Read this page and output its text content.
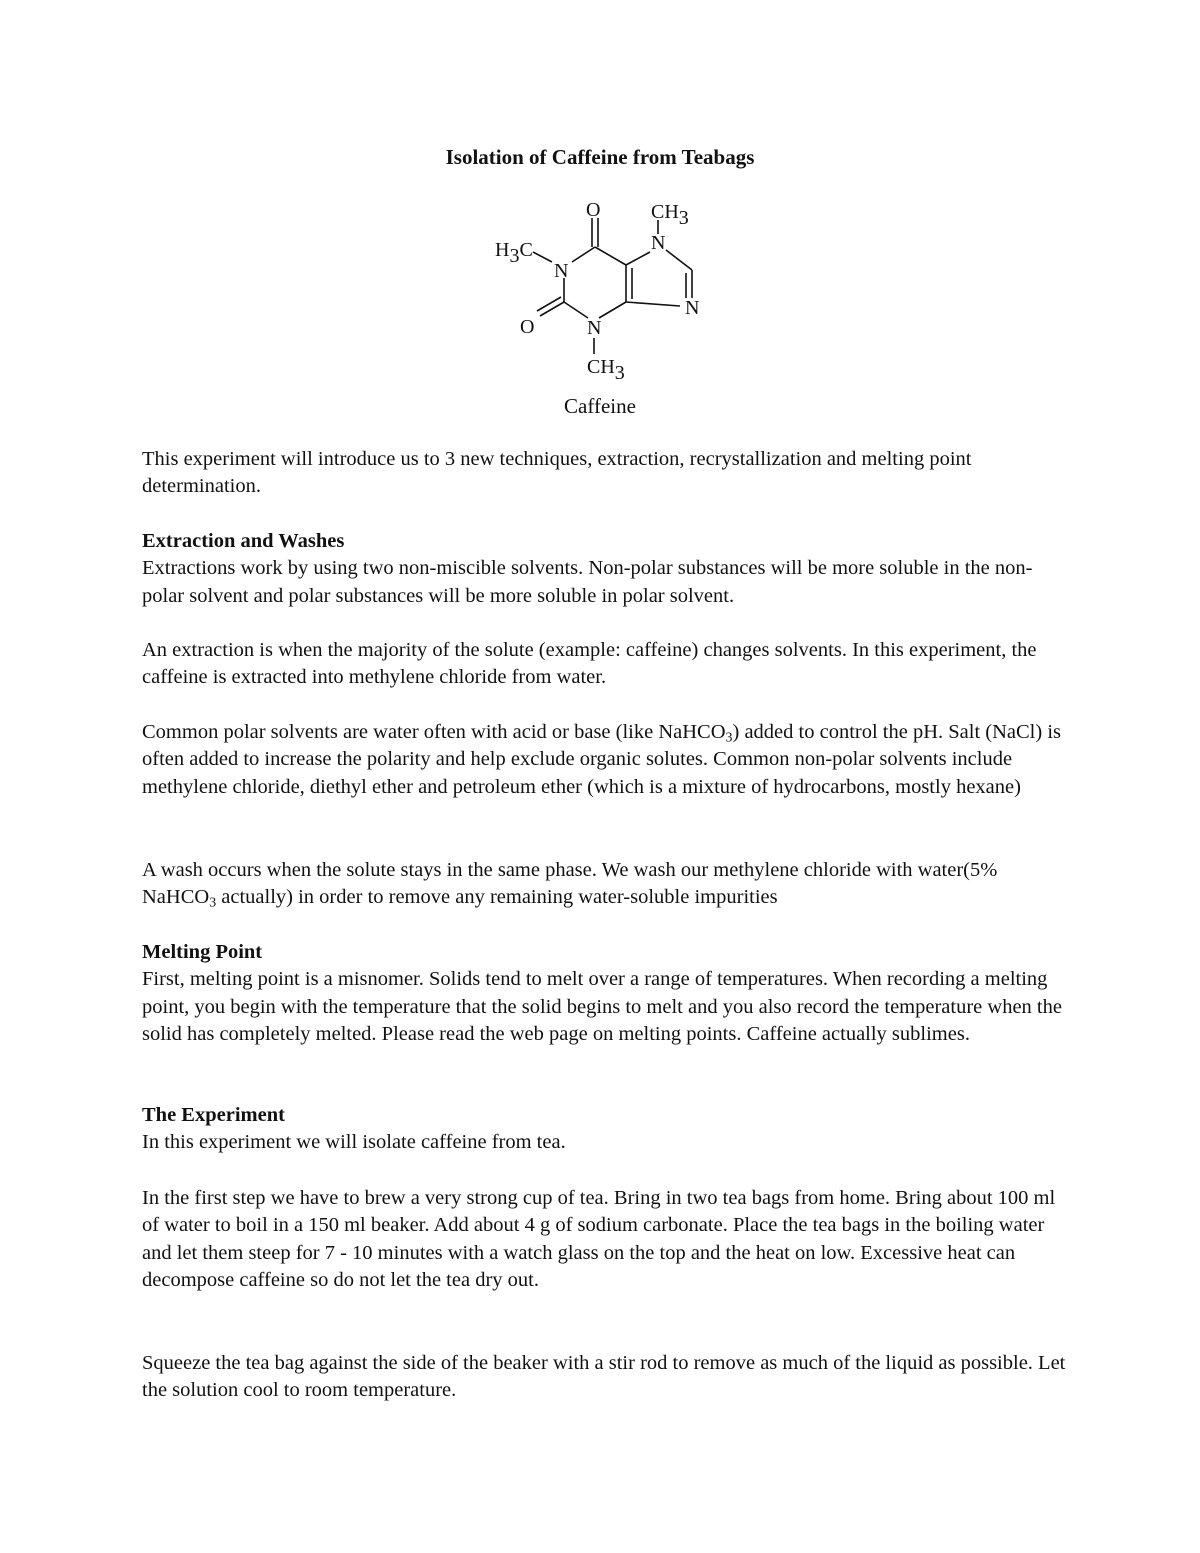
Isolation of Caffeine from Teabags
O	CH3
H3C
N
N
N
O	N
CH3
Caffeine

This experiment will introduce us to 3 new techniques, extraction, recrystallization and melting point determination.

Extraction and Washes

Extractions work by using two non-miscible solvents. Non-polar substances will be more soluble in the non-polar solvent and polar substances will be more soluble in polar solvent.

An extraction is when the majority of the solute (example: caffeine) changes solvents. In this experiment, the caffeine is extracted into methylene chloride from water.

Common polar solvents are water often with acid or base (like NaHCO$_3$) added to control the pH. Salt (NaCl) is often added to increase the polarity and help exclude organic solutes. Common non-polar solvents include methylene chloride, diethyl ether and petroleum ether (which is a mixture of hydrocarbons, mostly hexane)

A wash occurs when the solute stays in the same phase. We wash our methylene chloride with water(5% NaHCO$_3$ actually) in order to remove any remaining water-soluble impurities

Melting Point

First, melting point is a misnomer. Solids tend to melt over a range of temperatures. When recording a melting point, you begin with the temperature that the solid begins to melt and you also record the temperature when the solid has completely melted. Please read the web page on melting points. Caffeine actually sublimes.

The Experiment

In this experiment we will isolate caffeine from tea.

In the first step we have to brew a very strong cup of tea. Bring in two tea bags from home. Bring about 100 ml of water to boil in a 150 ml beaker. Add about 4 g of sodium carbonate. Place the tea bags in the boiling water and let them steep for 7 - 10 minutes with a watch glass on the top and the heat on low. Excessive heat can decompose caffeine so do not let the tea dry out.

Squeeze the tea bag against the side of the beaker with a stir rod to remove as much of the liquid as possible. Let the solution cool to room temperature.
